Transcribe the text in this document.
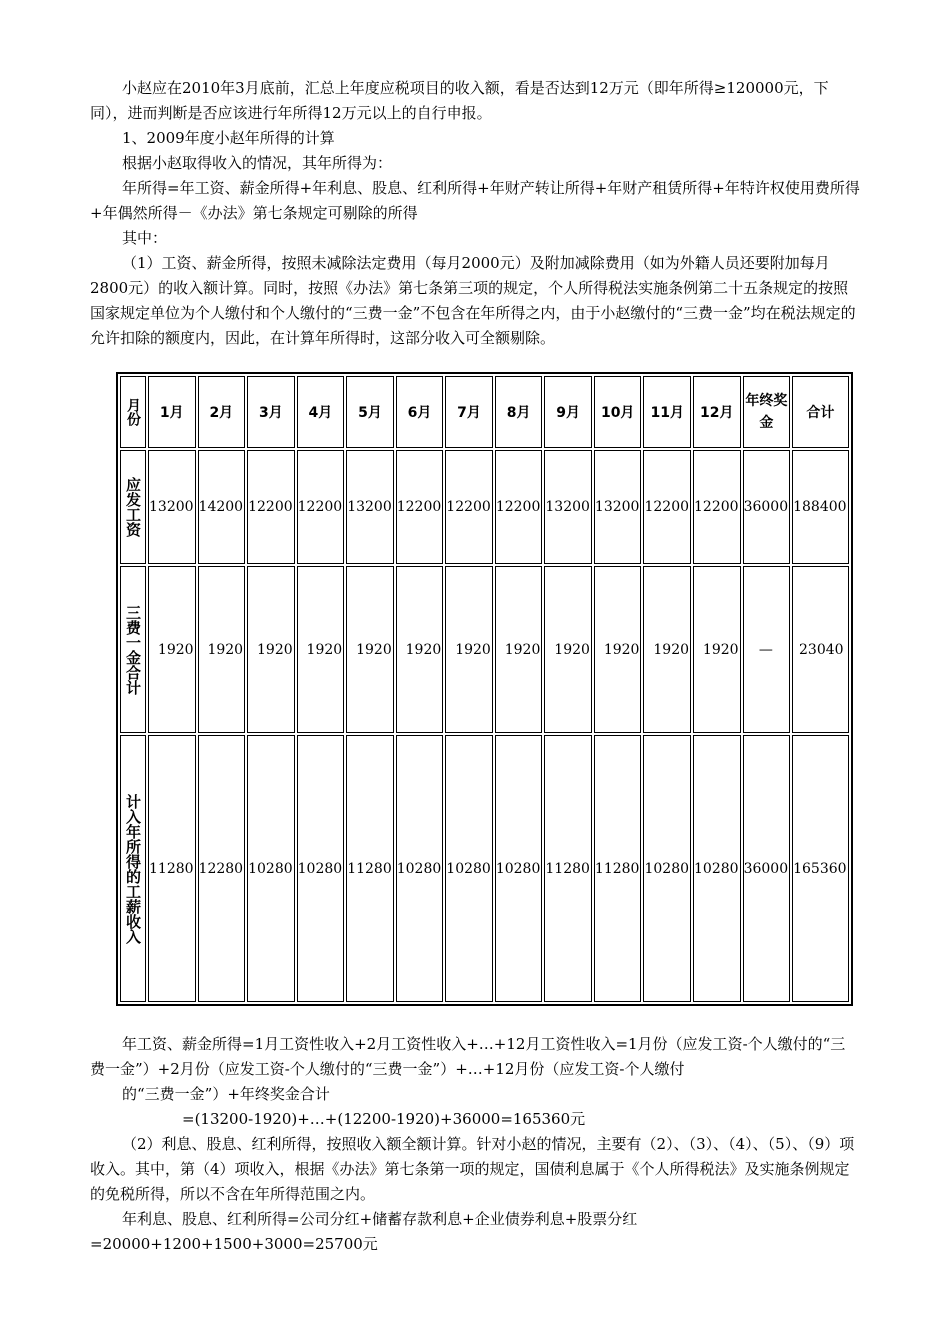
小赵应在2010年3月底前，汇总上年度应税项目的收入额，看是否达到12万元（即年所得≥120000元，下同），进而判断是否应该进行年所得12万元以上的自行申报。
1、2009年度小赵年所得的计算
根据小赵取得收入的情况，其年所得为：
年所得=年工资、薪金所得+年利息、股息、红利所得+年财产转让所得+年财产租赁所得+年特许权使用费所得+年偶然所得－《办法》第七条规定可剔除的所得
其中：
（1）工资、薪金所得，按照未减除法定费用（每月2000元）及附加减除费用（如为外籍人员还要附加每月2800元）的收入额计算。同时，按照《办法》第七条第三项的规定，个人所得税法实施条例第二十五条规定的按照国家规定单位为个人缴付和个人缴付的“三费一金”不包含在年所得之内，由于小赵缴付的“三费一金”均在税法规定的允许扣除的额度内，因此，在计算年所得时，这部分收入可全额剔除。
月份	1月	2月	3月	4月	5月	6月	7月	8月	9月	10月	11月	12月	年终奖金	合计
应发工资	13200	14200	12200	12200	13200	12200	12200	12200	13200	13200	12200	12200	36000	188400
三费一金合计	1920	1920	1920	1920	1920	1920	1920	1920	1920	1920	1920	1920	—	23040
计入年所得的工薪收入	11280	12280	10280	10280	11280	10280	10280	10280	11280	11280	10280	10280	36000	165360
年工资、薪金所得=1月工资性收入+2月工资性收入+…+12月工资性收入=1月份（应发工资-个人缴付的“三费一金”）+2月份（应发工资-个人缴付的“三费一金”）+…+12月份（应发工资-个人缴付
的“三费一金”）+年终奖金合计
=(13200-1920)+…+(12200-1920)+36000=165360元
（2）利息、股息、红利所得，按照收入额全额计算。针对小赵的情况，主要有（2）、（3）、（4）、（5）、（9）项收入。其中，第（4）项收入，根据《办法》第七条第一项的规定，国债利息属于《个人所得税法》及实施条例规定的免税所得，所以不含在年所得范围之内。
年利息、股息、红利所得=公司分红+储蓄存款利息+企业债券利息+股票分红
=20000+1200+1500+3000=25700元
